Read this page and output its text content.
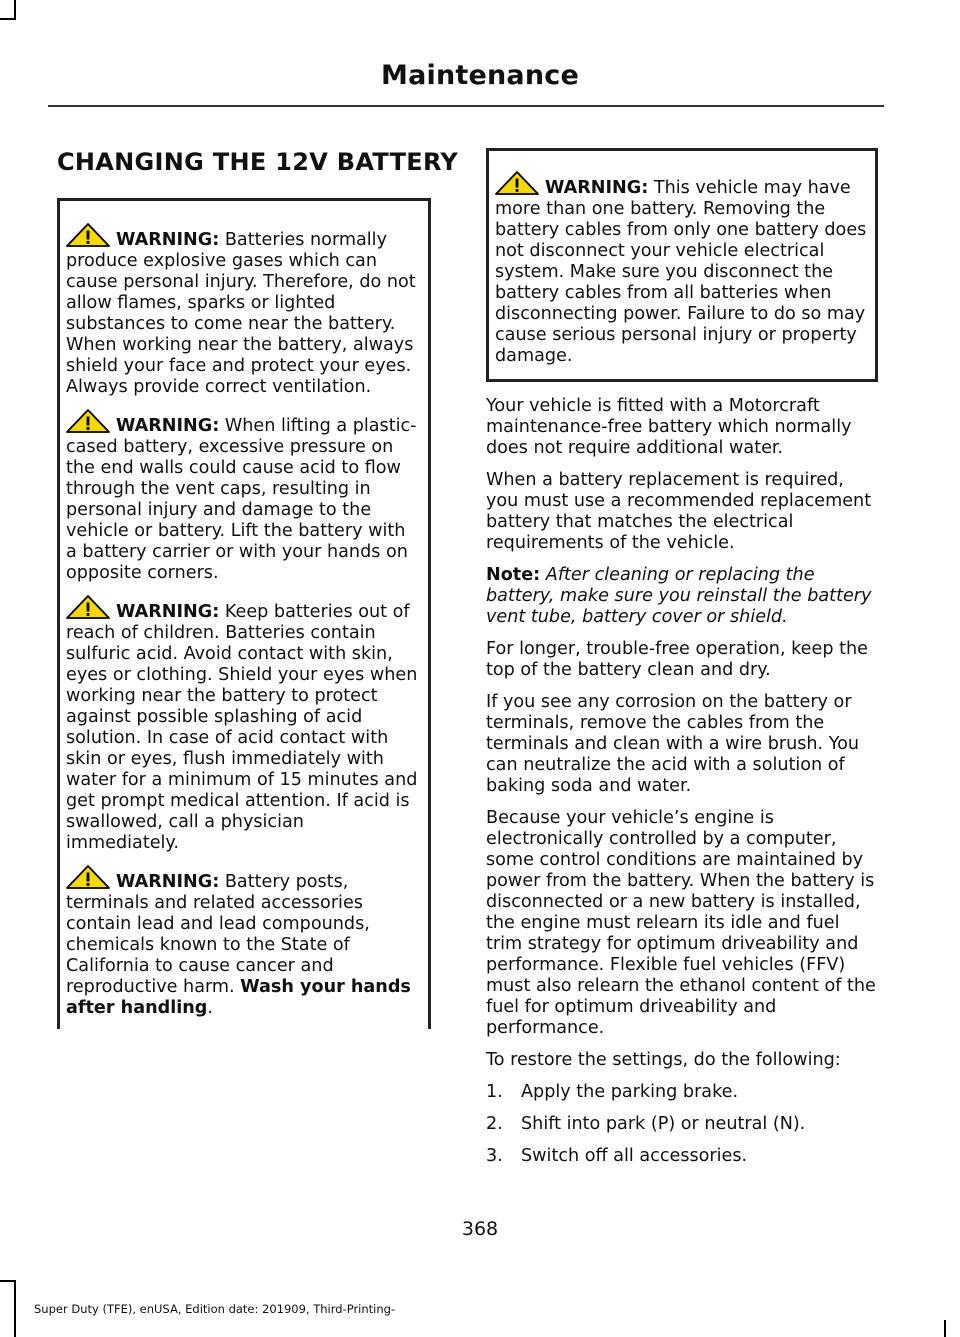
Maintenance
CHANGING THE 12V BATTERY

WARNING: Batteries normally produce explosive gases which can cause personal injury. Therefore, do not allow flames, sparks or lighted substances to come near the battery. When working near the battery, always shield your face and protect your eyes. Always provide correct ventilation.

WARNING: When lifting a plastic-cased battery, excessive pressure on the end walls could cause acid to flow through the vent caps, resulting in personal injury and damage to the vehicle or battery. Lift the battery with a battery carrier or with your hands on opposite corners.

WARNING: Keep batteries out of reach of children. Batteries contain sulfuric acid. Avoid contact with skin, eyes or clothing. Shield your eyes when working near the battery to protect against possible splashing of acid solution. In case of acid contact with skin or eyes, flush immediately with water for a minimum of 15 minutes and get prompt medical attention. If acid is swallowed, call a physician immediately.

WARNING: Battery posts, terminals and related accessories contain lead and lead compounds, chemicals known to the State of California to cause cancer and reproductive harm. Wash your hands after handling.

WARNING: This vehicle may have more than one battery. Removing the battery cables from only one battery does not disconnect your vehicle electrical system. Make sure you disconnect the battery cables from all batteries when disconnecting power. Failure to do so may cause serious personal injury or property damage.

Your vehicle is fitted with a Motorcraft maintenance-free battery which normally does not require additional water.

When a battery replacement is required, you must use a recommended replacement battery that matches the electrical requirements of the vehicle.

Note: After cleaning or replacing the battery, make sure you reinstall the battery vent tube, battery cover or shield.

For longer, trouble-free operation, keep the top of the battery clean and dry.

If you see any corrosion on the battery or terminals, remove the cables from the terminals and clean with a wire brush. You can neutralize the acid with a solution of baking soda and water.

Because your vehicle’s engine is electronically controlled by a computer, some control conditions are maintained by power from the battery. When the battery is disconnected or a new battery is installed, the engine must relearn its idle and fuel trim strategy for optimum driveability and performance. Flexible fuel vehicles (FFV) must also relearn the ethanol content of the fuel for optimum driveability and performance.

To restore the settings, do the following:

1.	Apply the parking brake.
2.	Shift into park (P) or neutral (N).
3.	Switch off all accessories.
368
Super Duty (TFE), enUSA, Edition date: 201909, Third-Printing-
